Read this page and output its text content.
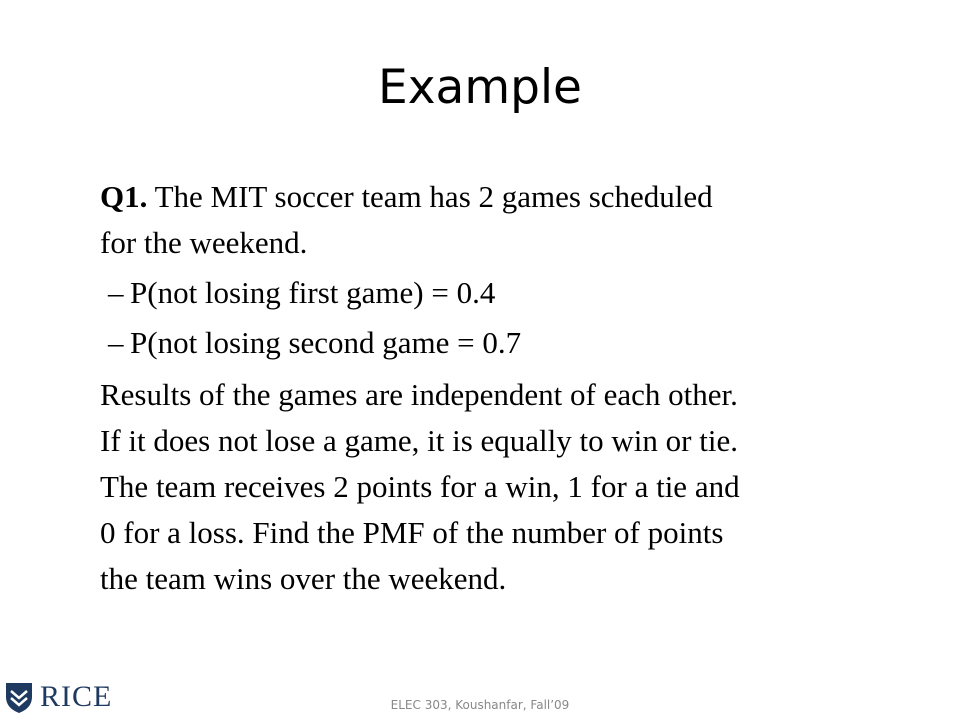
Example

Q1. The MIT soccer team has 2 games scheduled
for the weekend.

– P(not losing first game) = 0.4
– P(not losing second game = 0.7

Results of the games are independent of each other.
If it does not lose a game, it is equally to win or tie.
The team receives 2 points for a win, 1 for a tie and
0 for a loss. Find the PMF of the number of points
the team wins over the weekend.

RICE	ELEC 303, Koushanfar, Fall’09
